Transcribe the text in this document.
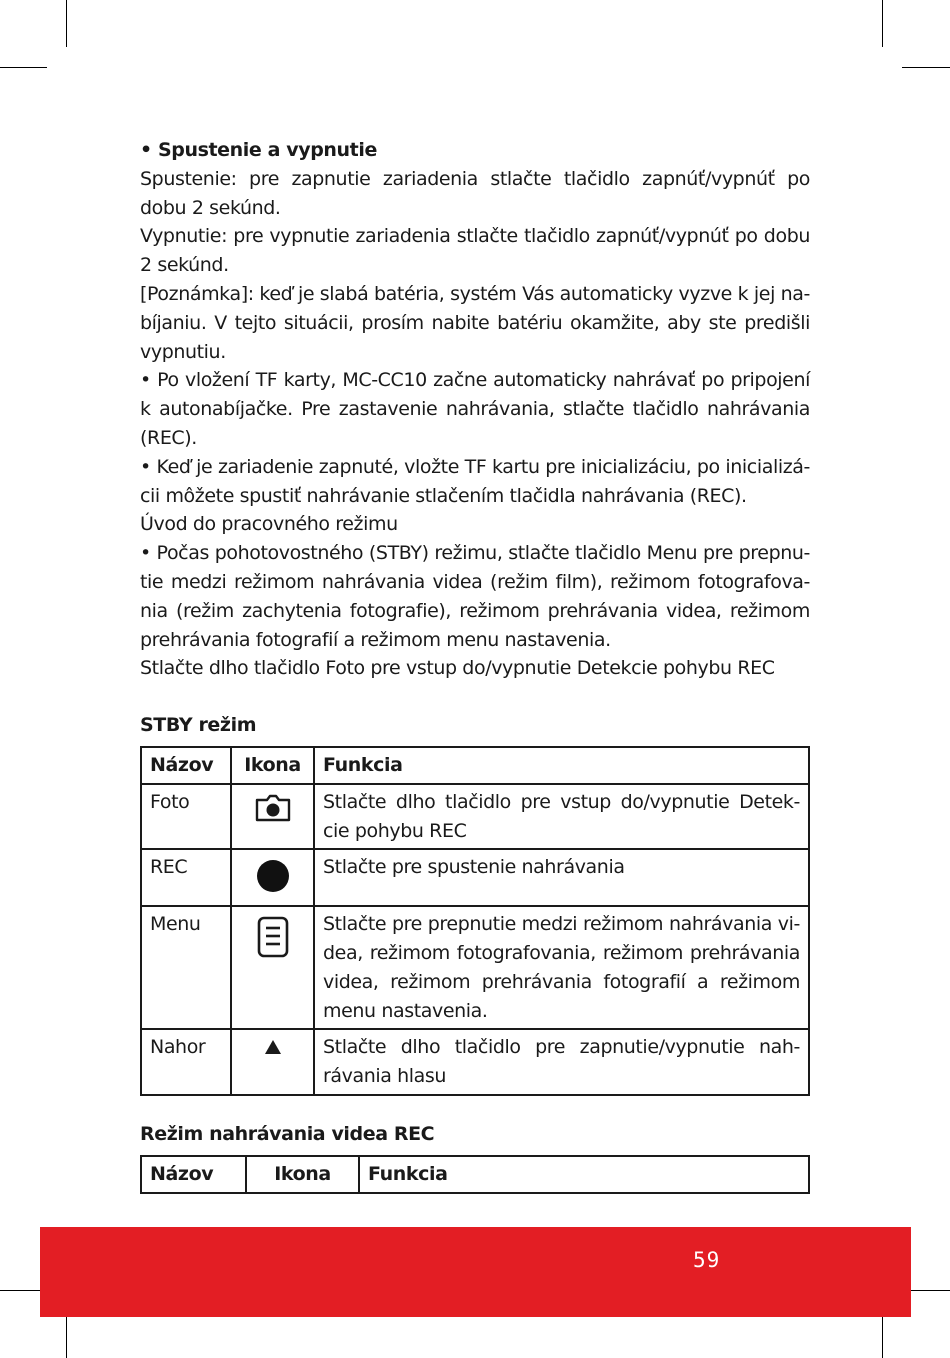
• Spustenie a vypnutie

Spustenie: pre zapnutie zariadenia stlačte tlačidlo zapnúť/vypnúť po dobu 2 sekúnd.

Vypnutie: pre vypnutie zariadenia stlačte tlačidlo zapnúť/vypnúť po dobu 2 sekúnd.

[Poznámka]: keď je slabá batéria, systém Vás automaticky vyzve k jej na-bíjaniu. V tejto situácii, prosím nabite batériu okamžite, aby ste predišli vypnutiu.

• Po vložení TF karty, MC-CC10 začne automaticky nahrávať po pripojení k autonabíjačke. Pre zastavenie nahrávania, stlačte tlačidlo nahrávania (REC).

• Keď je zariadenie zapnuté, vložte TF kartu pre inicializáciu, po inicializá-cii môžete spustiť nahrávanie stlačením tlačidla nahrávania (REC).

Úvod do pracovného režimu

• Počas pohotovostného (STBY) režimu, stlačte tlačidlo Menu pre prepnu-tie medzi režimom nahrávania videa (režim film), režimom fotografova-nia (režim zachytenia fotografie), režimom prehrávania videa, režimom prehrávania fotografií a režimom menu nastavenia.

Stlačte dlho tlačidlo Foto pre vstup do/vypnutie Detekcie pohybu REC

STBY režim

Názov	Ikona	Funkcia
Foto		Stlačte dlho tlačidlo pre vstup do/vypnutie Detek-cie pohybu REC
REC		Stlačte pre spustenie nahrávania
Menu		Stlačte pre prepnutie medzi režimom nahrávania vi-dea, režimom fotografovania, režimom prehrávania videa, režimom prehrávania fotografií a režimom menu nastavenia.
Nahor		Stlačte dlho tlačidlo pre zapnutie/vypnutie nah-rávania hlasu

Režim nahrávania videa REC

Názov	Ikona	Funkcia
59
